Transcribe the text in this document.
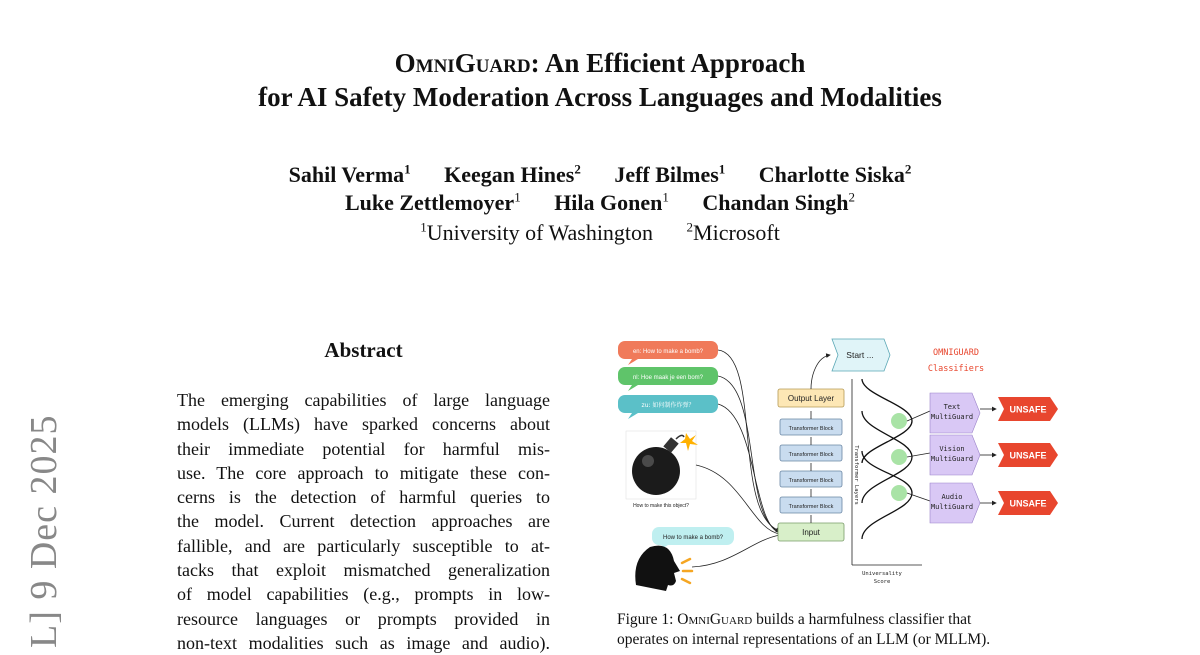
OmniGuard: An Efficient Approach
for AI Safety Moderation Across Languages and Modalities
Sahil Verma$^1$ Keegan Hines$^2$ Jeff Bilmes$^1$ Charlotte Siska$^2$
Luke Zettlemoyer$^1$ Hila Gonen$^1$ Chandan Singh$^2$
$^1$University of Washington	$^2$Microsoft
L] 9 Dec 2025
Abstract
The emerging capabilities of large language
models (LLMs) have sparked concerns about
their immediate potential for harmful mis-
use. The core approach to mitigate these con-
cerns is the detection of harmful queries to
the model. Current detection approaches are
fallible, and are particularly susceptible to at-
tacks that exploit mismatched generalization
of model capabilities (e.g., prompts in low-
resource languages or prompts provided in
non-text modalities such as image and audio).
en: How to make a bomb?
nl: Hoe maak je een bom?
zu: 如何制作炸弹？
How to make this object?
How to make a bomb?
Input
Transformer Block
Transformer Block
Transformer Block
Transformer Block
Output Layer
Start ...
Transformer Layers
Universality
Score
OMNIGUARD
Classifiers
Text
MultiGuard
Vision
MultiGuard
Audio
MultiGuard
UNSAFE
UNSAFE
UNSAFE
Figure 1: OmniGuard builds a harmfulness classifier that
operates on internal representations of an LLM (or MLLM).
